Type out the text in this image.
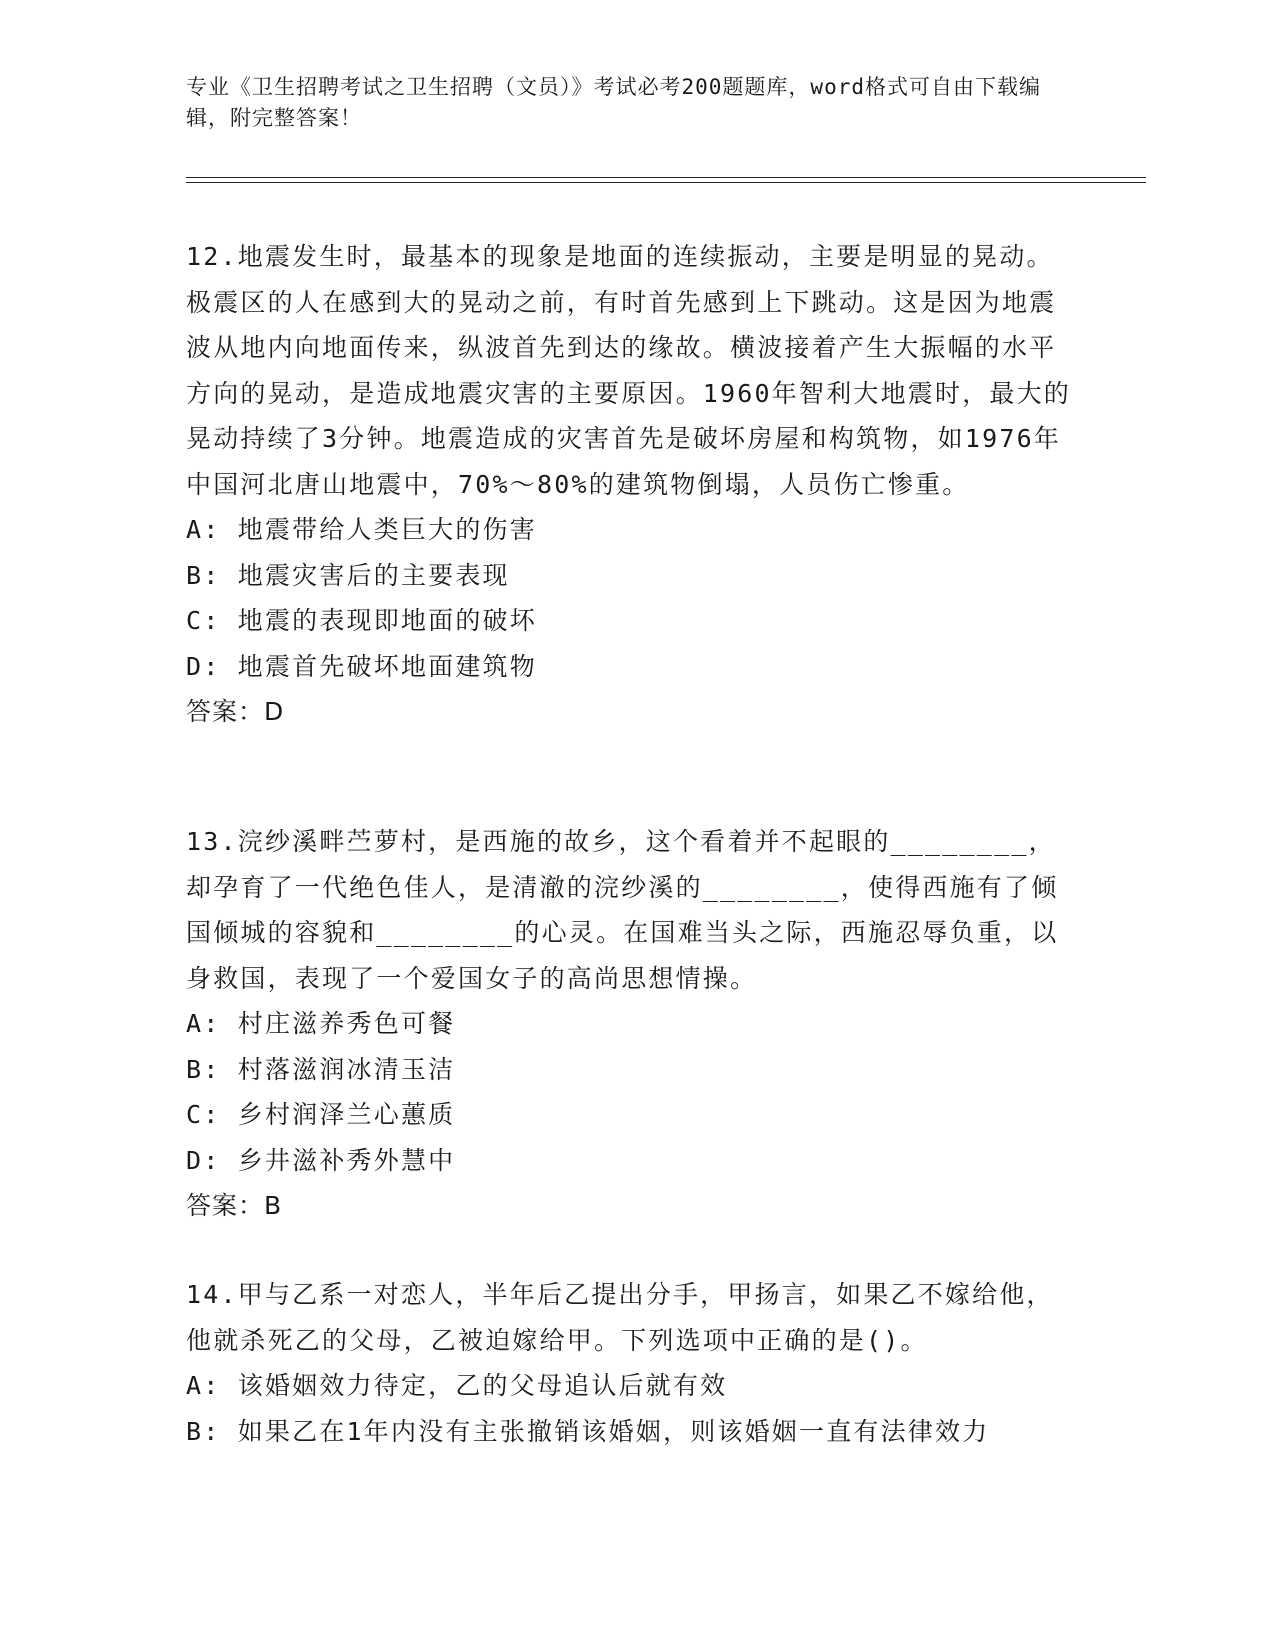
专业《卫生招聘考试之卫生招聘（文员）》考试必考200题题库，word格式可自由下载编辑，附完整答案！
12.地震发生时，最基本的现象是地面的连续振动，主要是明显的晃动。极震区的人在感到大的晃动之前，有时首先感到上下跳动。这是因为地震波从地内向地面传来，纵波首先到达的缘故。横波接着产生大振幅的水平方向的晃动，是造成地震灾害的主要原因。1960年智利大地震时，最大的晃动持续了3分钟。地震造成的灾害首先是破坏房屋和构筑物，如1976年中国河北唐山地震中，70%～80%的建筑物倒塌，人员伤亡惨重。
A: 地震带给人类巨大的伤害
B: 地震灾害后的主要表现
C: 地震的表现即地面的破坏
D: 地震首先破坏地面建筑物
答案：D
13.浣纱溪畔苎萝村，是西施的故乡，这个看着并不起眼的________，却孕育了一代绝色佳人，是清澈的浣纱溪的________，使得西施有了倾国倾城的容貌和________的心灵。在国难当头之际，西施忍辱负重，以身救国，表现了一个爱国女子的高尚思想情操。
A: 村庄滋养秀色可餐
B: 村落滋润冰清玉洁
C: 乡村润泽兰心蕙质
D: 乡井滋补秀外慧中
答案：B
14.甲与乙系一对恋人，半年后乙提出分手，甲扬言，如果乙不嫁给他，他就杀死乙的父母，乙被迫嫁给甲。下列选项中正确的是()。
A: 该婚姻效力待定，乙的父母追认后就有效
B: 如果乙在1年内没有主张撤销该婚姻，则该婚姻一直有法律效力
